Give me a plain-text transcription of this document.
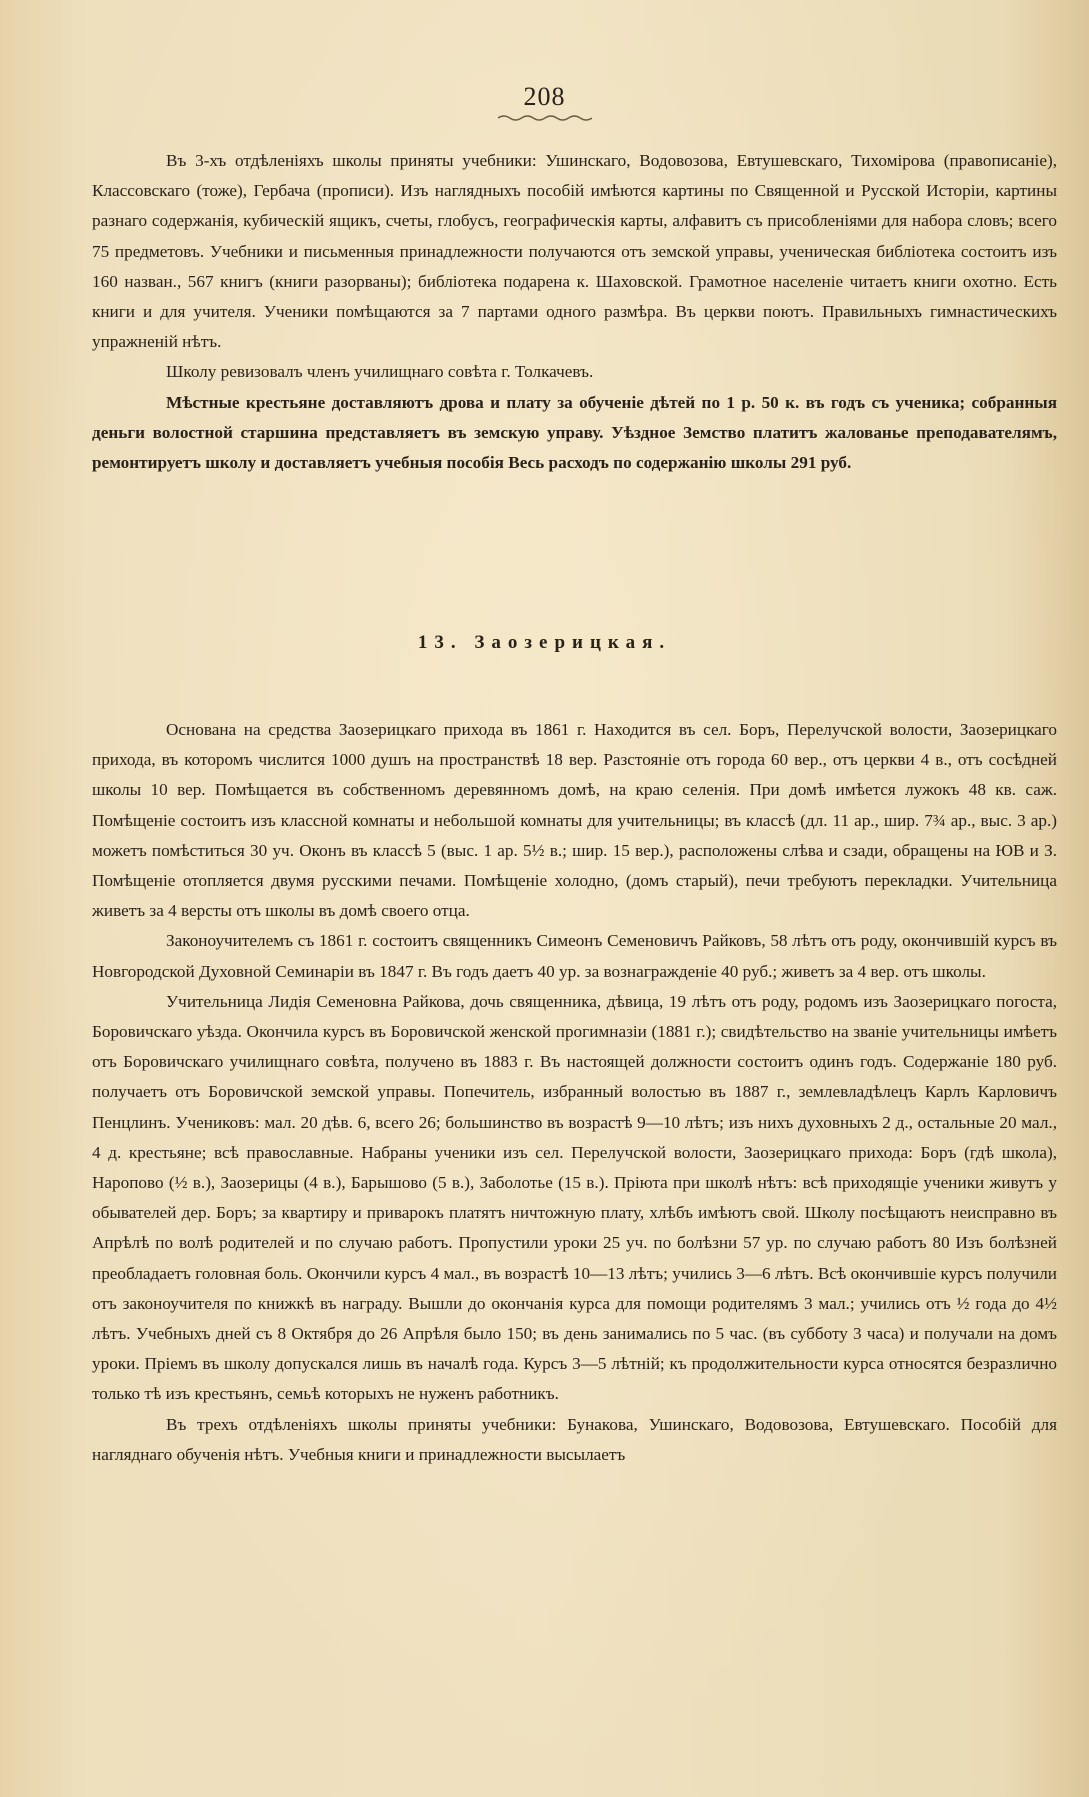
208

Въ 3-хъ отдѣленіяхъ школы приняты учебники: Ушинскаго, Водовозова, Евтушевскаго, Тихомірова (правописаніе), Классовскаго (тоже), Гербача (прописи). Изъ наглядныхъ пособій имѣются картины по Священной и Русской Исторіи, картины разнаго содержанія, кубическій ящикъ, счеты, глобусъ, географическія карты, алфавитъ съ присобленіями для набора словъ; всего 75 предметовъ. Учебники и письменныя принадлежности получаются отъ земской управы, ученическая библіотека состоитъ изъ 160 назван., 567 книгъ (книги разорваны); библіотека подарена к. Шаховской. Грамотное населеніе читаетъ книги охотно. Есть книги и для учителя. Ученики помѣщаются за 7 партами одного размѣра. Въ церкви поютъ. Правильныхъ гимнастическихъ упражненій нѣтъ.

Школу ревизовалъ членъ училищнаго совѣта г. Толкачевъ.

Мѣстные крестьяне доставляютъ дрова и плату за обученіе дѣтей по 1 р. 50 к. въ годъ съ ученика; собранныя деньги волостной старшина представляетъ въ земскую управу. Уѣздное Земство платитъ жалованье преподавателямъ, ремонтируетъ школу и доставляетъ учебныя пособія Весь расходъ по содержанію школы 291 руб.

13. Заозерицкая.

Основана на средства Заозерицкаго прихода въ 1861 г. Находится въ сел. Боръ, Перелучской волости, Заозерицкаго прихода, въ которомъ числится 1000 душъ на пространствѣ 18 вер. Разстояніе отъ города 60 вер., отъ церкви 4 в., отъ сосѣдней школы 10 вер. Помѣщается въ собственномъ деревянномъ домѣ, на краю селенія. При домѣ имѣется лужокъ 48 кв. саж. Помѣщеніе состоитъ изъ классной комнаты и небольшой комнаты для учительницы; въ классѣ (дл. 11 ар., шир. 7¾ ар., выс. 3 ар.) можетъ помѣститься 30 уч. Оконъ въ классѣ 5 (выс. 1 ар. 5½ в.; шир. 15 вер.), расположены слѣва и сзади, обращены на ЮВ и З. Помѣщеніе отопляется двумя русскими печами. Помѣщеніе холодно, (домъ старый), печи требуютъ перекладки. Учительница живетъ за 4 версты отъ школы въ домѣ своего отца.

Законоучителемъ съ 1861 г. состоитъ священникъ Симеонъ Семеновичъ Райковъ, 58 лѣтъ отъ роду, окончившій курсъ въ Новгородской Духовной Семинаріи въ 1847 г. Въ годъ даетъ 40 ур. за вознагражденіе 40 руб.; живетъ за 4 вер. отъ школы.

Учительница Лидія Семеновна Райкова, дочь священника, дѣвица, 19 лѣтъ отъ роду, родомъ изъ Заозерицкаго погоста, Боровичскаго уѣзда. Окончила курсъ въ Боровичской женской прогимназіи (1881 г.); свидѣтельство на званіе учительницы имѣетъ отъ Боровичскаго училищнаго совѣта, получено въ 1883 г. Въ настоящей должности состоитъ одинъ годъ. Содержаніе 180 руб. получаетъ отъ Боровичской земской управы. Попечитель, избранный волостью въ 1887 г., землевладѣлецъ Карлъ Карловичъ Пенцлинъ. Учениковъ: мал. 20 дѣв. 6, всего 26; большинство въ возрастѣ 9—10 лѣтъ; изъ нихъ духовныхъ 2 д., остальные 20 мал., 4 д. крестьяне; всѣ православные. Набраны ученики изъ сел. Перелучской волости, Заозерицкаго прихода: Боръ (гдѣ школа), Наропово (½ в.), Заозерицы (4 в.), Барышово (5 в.), Заболотье (15 в.). Пріюта при школѣ нѣтъ: всѣ приходящіе ученики живутъ у обывателей дер. Боръ; за квартиру и приварокъ платятъ ничтожную плату, хлѣбъ имѣютъ свой. Школу посѣщаютъ неисправно въ Апрѣлѣ по волѣ родителей и по случаю работъ. Пропустили уроки 25 уч. по болѣзни 57 ур. по случаю работъ 80 Изъ болѣзней преобладаетъ головная боль. Окончили курсъ 4 мал., въ возрастѣ 10—13 лѣтъ; учились 3—6 лѣтъ. Всѣ окончившіе курсъ получили отъ законоучителя по книжкѣ въ награду. Вышли до окончанія курса для помощи родителямъ 3 мал.; учились отъ ½ года до 4½ лѣтъ. Учебныхъ дней съ 8 Октября до 26 Апрѣля было 150; въ день занимались по 5 час. (въ субботу 3 часа) и получали на домъ уроки. Пріемъ въ школу допускался лишь въ началѣ года. Курсъ 3—5 лѣтній; къ продолжительности курса относятся безразлично только тѣ изъ крестьянъ, семьѣ которыхъ не нуженъ работникъ.

Въ трехъ отдѣленіяхъ школы приняты учебники: Бунакова, Ушинскаго, Водовозова, Евтушевскаго. Пособій для нагляднаго обученія нѣтъ. Учебныя книги и принадлежности высылаетъ
